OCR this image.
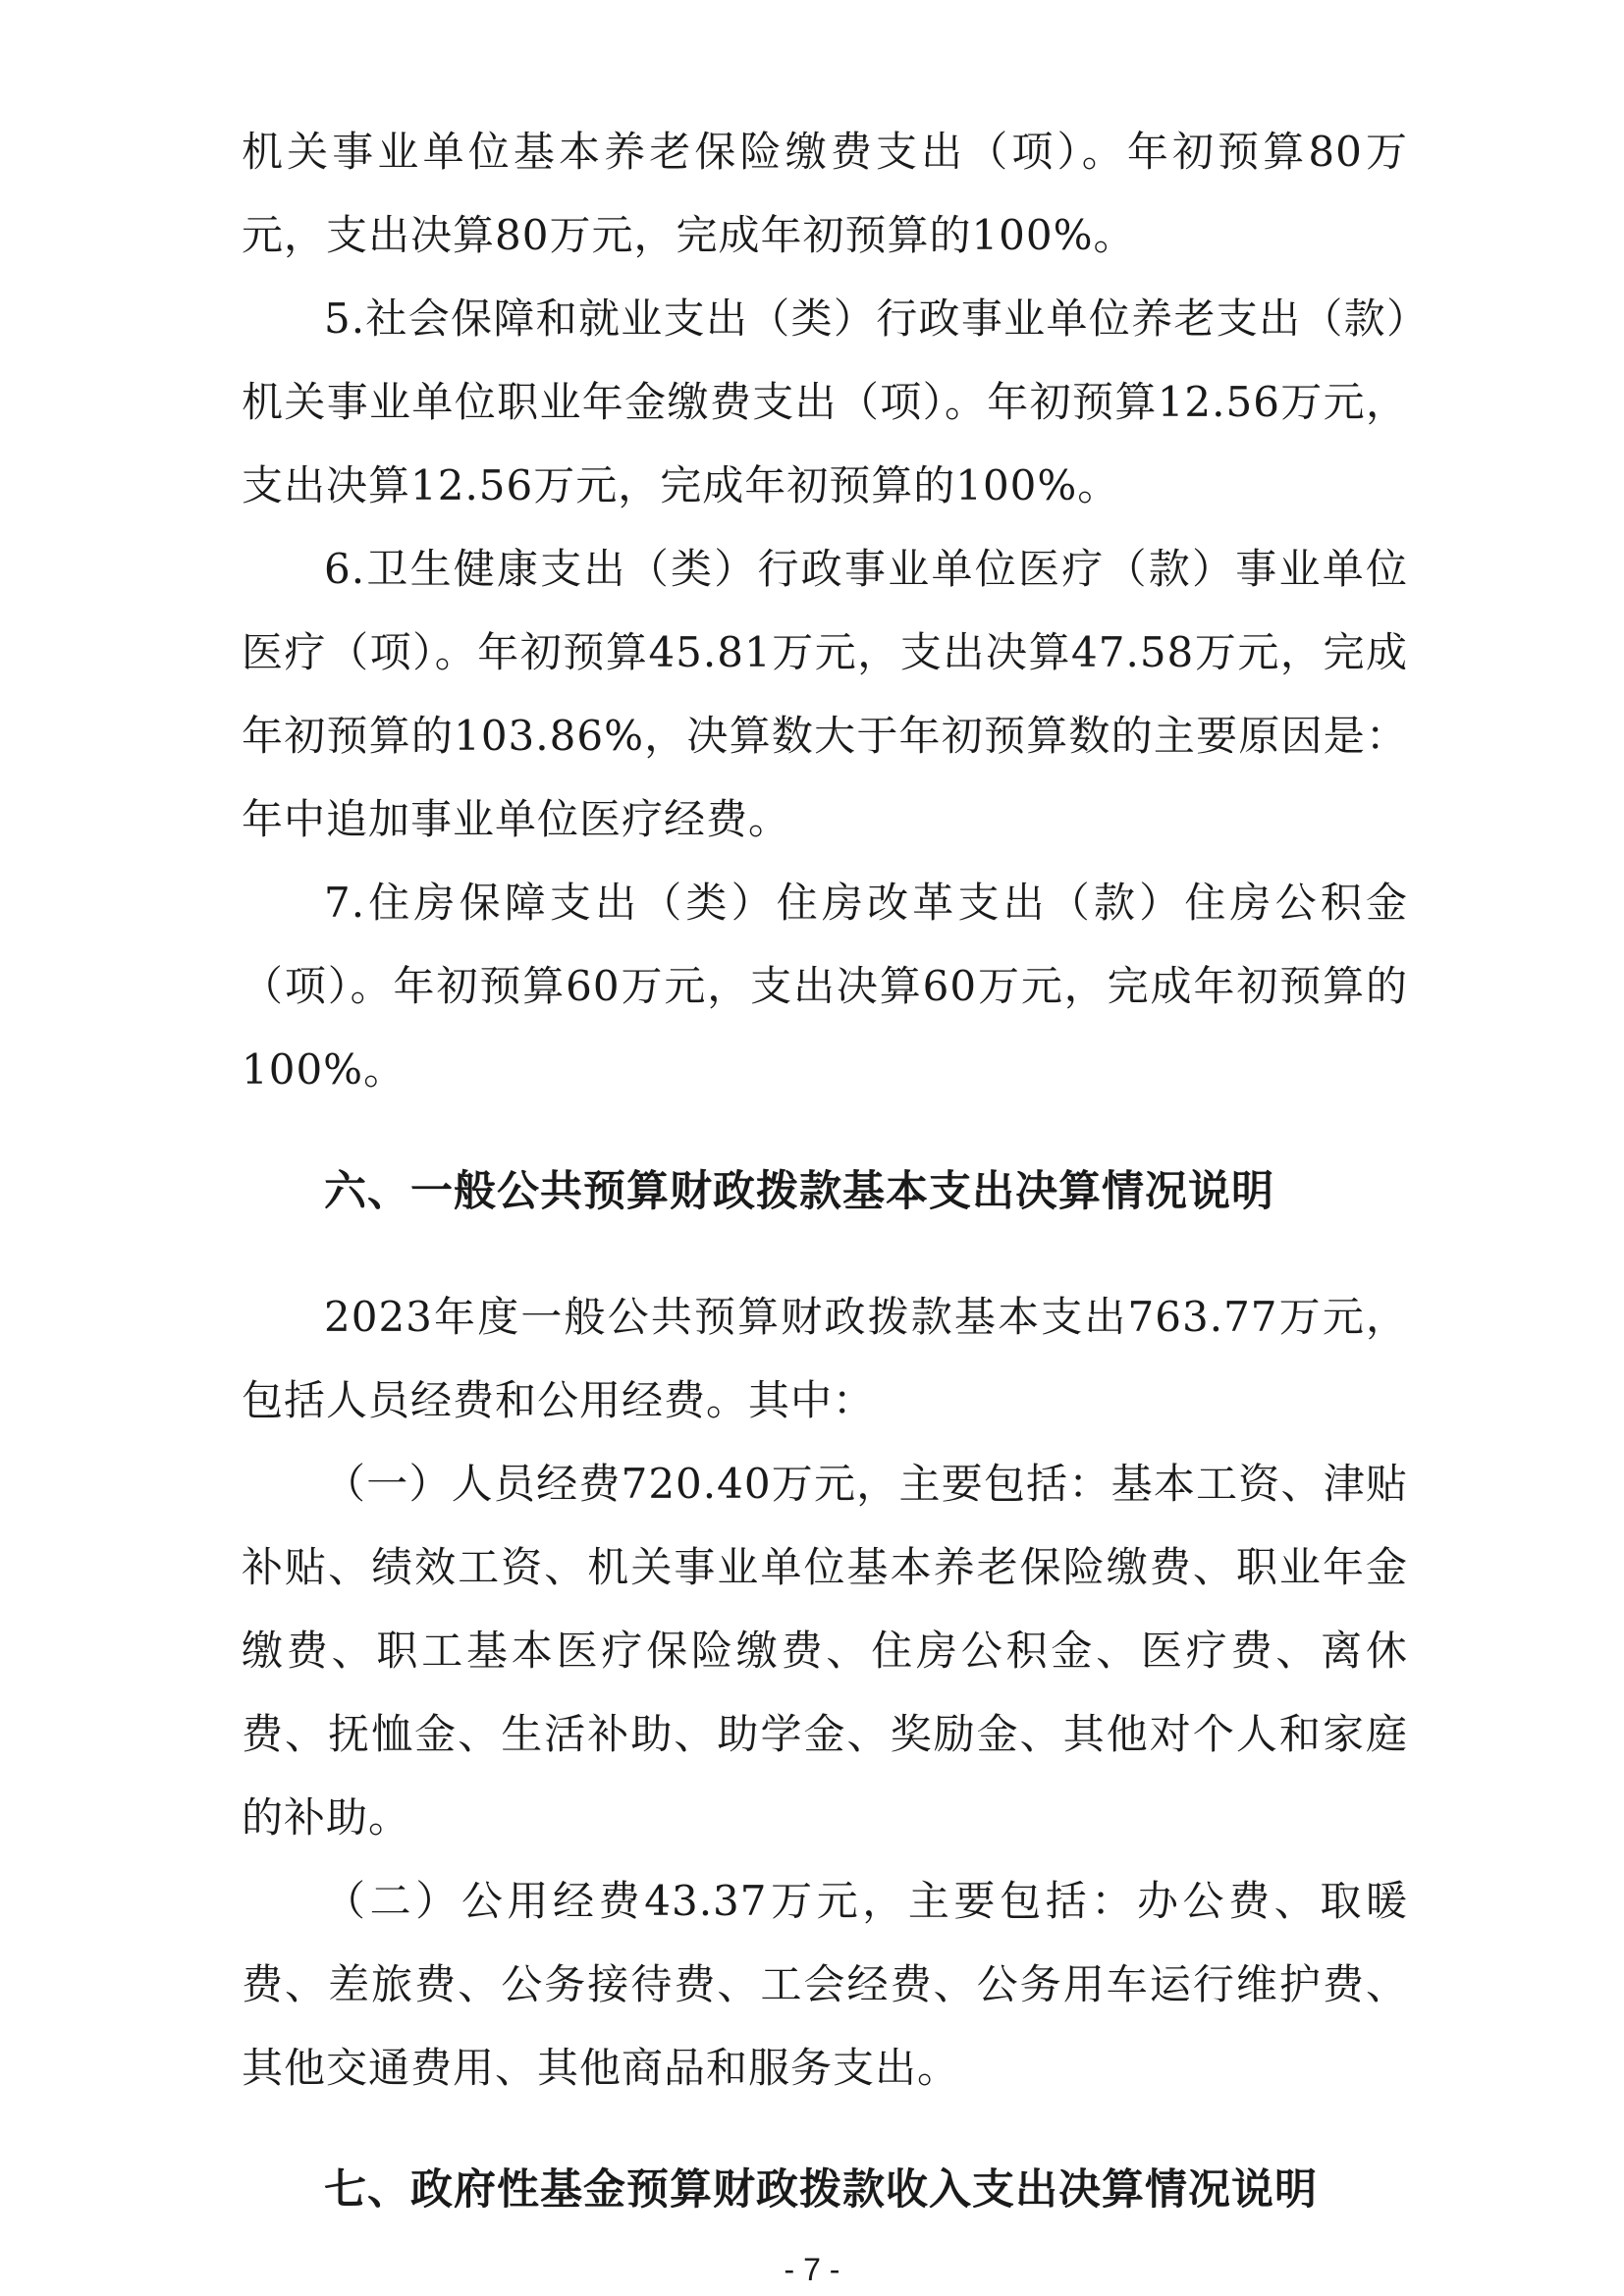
机关事业单位基本养老保险缴费支出（项）。年初预算80万元，支出决算80万元，完成年初预算的100%。

5.社会保障和就业支出（类）行政事业单位养老支出（款）机关事业单位职业年金缴费支出（项）。年初预算12.56万元，支出决算12.56万元，完成年初预算的100%。

6.卫生健康支出（类）行政事业单位医疗（款）事业单位医疗（项）。年初预算45.81万元，支出决算47.58万元，完成年初预算的103.86%，决算数大于年初预算数的主要原因是：年中追加事业单位医疗经费。

7.住房保障支出（类）住房改革支出（款）住房公积金（项）。年初预算60万元，支出决算60万元，完成年初预算的100%。

六、一般公共预算财政拨款基本支出决算情况说明

2023年度一般公共预算财政拨款基本支出763.77万元，包括人员经费和公用经费。其中：

（一）人员经费720.40万元，主要包括：基本工资、津贴补贴、绩效工资、机关事业单位基本养老保险缴费、职业年金缴费、职工基本医疗保险缴费、住房公积金、医疗费、离休费、抚恤金、生活补助、助学金、奖励金、其他对个人和家庭的补助。

（二）公用经费43.37万元，主要包括：办公费、取暖费、差旅费、公务接待费、工会经费、公务用车运行维护费、其他交通费用、其他商品和服务支出。

七、政府性基金预算财政拨款收入支出决算情况说明
- 7 -
